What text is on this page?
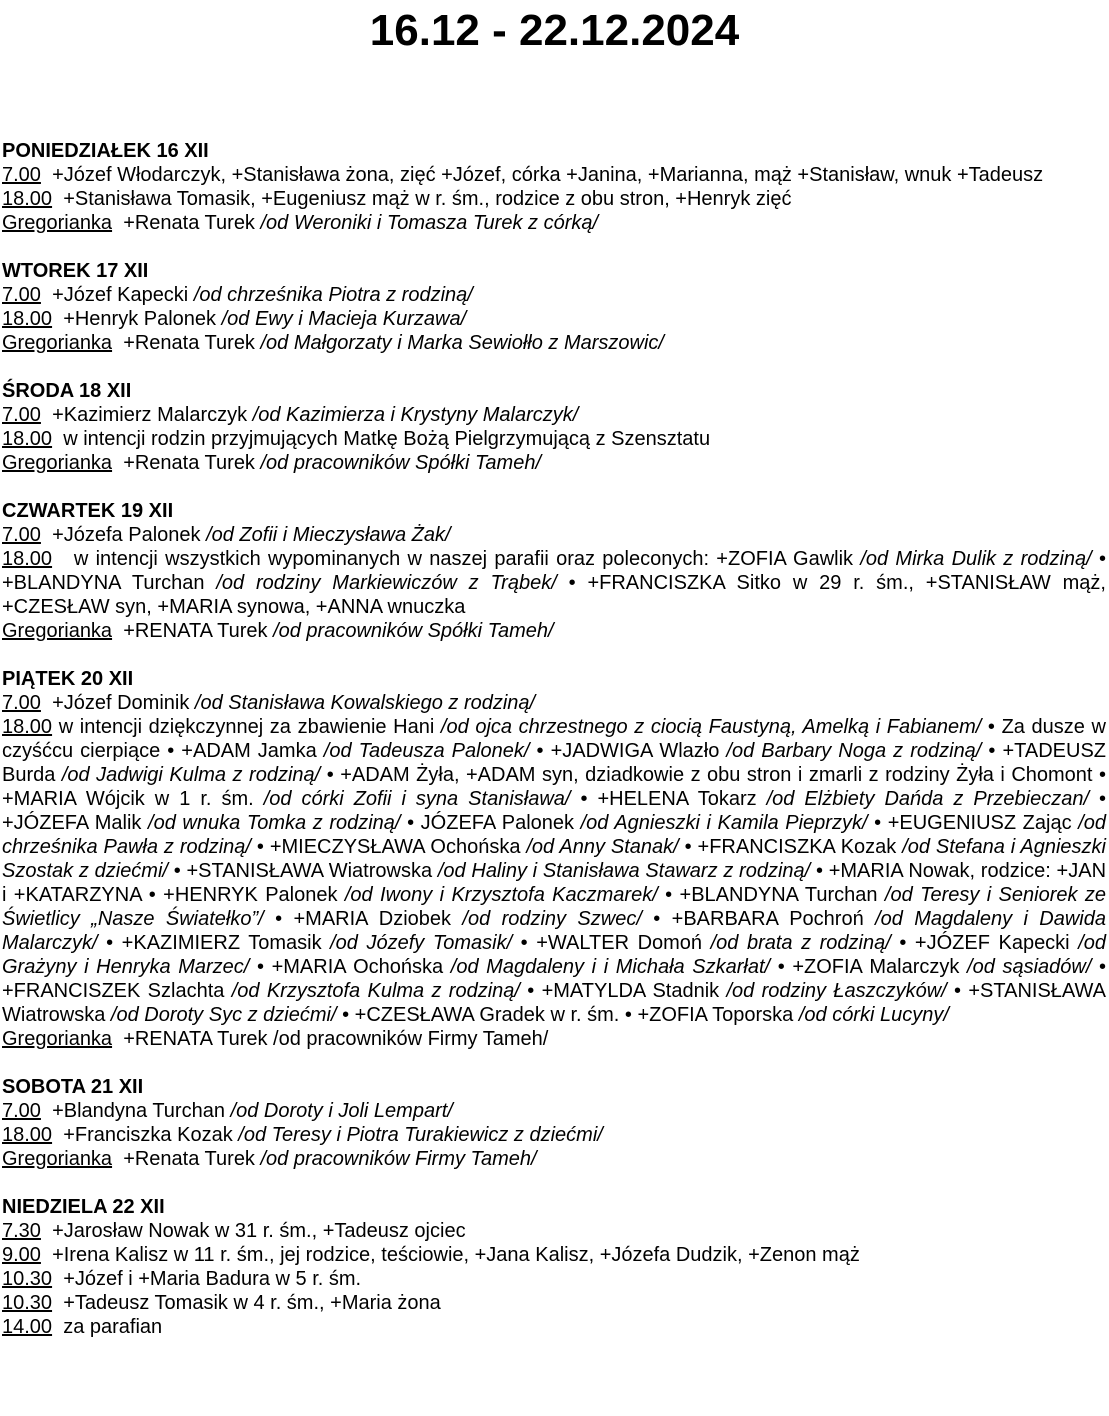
16.12 - 22.12.2024
PONIEDZIAŁEK 16 XII
7.00 +Józef Włodarczyk, +Stanisława żona, zięć +Józef, córka +Janina, +Marianna, mąż +Stanisław, wnuk +Tadeusz
18.00 +Stanisława Tomasik, +Eugeniusz mąż w r. śm., rodzice z obu stron, +Henryk zięć
Gregorianka +Renata Turek /od Weroniki i Tomasza Turek z córką/
WTOREK 17 XII
7.00 +Józef Kapecki /od chrześnika Piotra z rodziną/
18.00 +Henryk Palonek /od Ewy i Macieja Kurzawa/
Gregorianka +Renata Turek /od Małgorzaty i Marka Sewiołło z Marszowic/
ŚRODA 18 XII
7.00 +Kazimierz Malarczyk /od Kazimierza i Krystyny Malarczyk/
18.00 w intencji rodzin przyjmujących Matkę Bożą Pielgrzymującą z Szensztatu
Gregorianka +Renata Turek /od pracowników Spółki Tameh/
CZWARTEK 19 XII
7.00 +Józefa Palonek /od Zofii i Mieczysława Żak/
18.00   w intencji wszystkich wypominanych w naszej parafii oraz poleconych: +ZOFIA Gawlik /od Mirka Dulik z rodziną/ • +BLANDYNA Turchan /od rodziny Markiewiczów z Trąbek/ • +FRANCISZKA Sitko w 29 r. śm., +STANISŁAW mąż, +CZESŁAW syn, +MARIA synowa, +ANNA wnuczka
Gregorianka +RENATA Turek /od pracowników Spółki Tameh/
PIĄTEK 20 XII
7.00 +Józef Dominik /od Stanisława Kowalskiego z rodziną/
18.00 w intencji dziękczynnej za zbawienie Hani /od ojca chrzestnego z ciocią Faustyną, Amelką i Fabianem/ • Za dusze w czyśćcu cierpiące • +ADAM Jamka /od Tadeusza Palonek/ • +JADWIGA Wlazło /od Barbary Noga z rodziną/ • +TADEUSZ Burda /od Jadwigi Kulma z rodziną/ • +ADAM Żyła, +ADAM syn, dziadkowie z obu stron i zmarli z rodziny Żyła i Chomont • +MARIA Wójcik w 1 r. śm. /od córki Zofii i syna Stanisława/ • +HELENA Tokarz /od Elżbiety Dańda z Przebieczan/ • +JÓZEFA Malik /od wnuka Tomka z rodziną/ • JÓZEFA Palonek /od Agnieszki i Kamila Pieprzyk/ • +EUGENIUSZ Zając /od chrześnika Pawła z rodziną/ • +MIECZYSŁAWA Ochońska /od Anny Stanak/ • +FRANCISZKA Kozak /od Stefana i Agnieszki Szostak z dziećmi/ • +STANISŁAWA Wiatrowska /od Haliny i Stanisława Stawarz z rodziną/ • +MARIA Nowak, rodzice: +JAN i +KATARZYNA • +HENRYK Palonek /od Iwony i Krzysztofa Kaczmarek/ • +BLANDYNA Turchan /od Teresy i Seniorek ze Świetlicy „Nasze Światełko”/ • +MARIA Dziobek /od rodziny Szwec/ • +BARBARA Pochroń /od Magdaleny i Dawida Malarczyk/ • +KAZIMIERZ Tomasik /od Józefy Tomasik/ • +WALTER Domoń /od brata z rodziną/ • +JÓZEF Kapecki /od Grażyny i Henryka Marzec/ • +MARIA Ochońska /od Magdaleny i i Michała Szkarłat/ • +ZOFIA Malarczyk /od sąsiadów/ • +FRANCISZEK Szlachta /od Krzysztofa Kulma z rodziną/ • +MATYLDA Stadnik /od rodziny Łaszczyków/ • +STANISŁAWA Wiatrowska /od Doroty Syc z dziećmi/ • +CZESŁAWA Gradek w r. śm. • +ZOFIA Toporska /od córki Lucyny/
Gregorianka +RENATA Turek /od pracowników Firmy Tameh/
SOBOTA 21 XII
7.00 +Blandyna Turchan /od Doroty i Joli Lempart/
18.00 +Franciszka Kozak /od Teresy i Piotra Turakiewicz z dziećmi/
Gregorianka +Renata Turek /od pracowników Firmy Tameh/
NIEDZIELA 22 XII
7.30 +Jarosław Nowak w 31 r. śm., +Tadeusz ojciec
9.00 +Irena Kalisz w 11 r. śm., jej rodzice, teściowie, +Jana Kalisz, +Józefa Dudzik, +Zenon mąż
10.30 +Józef i +Maria Badura w 5 r. śm.
10.30 +Tadeusz Tomasik w 4 r. śm., +Maria żona
14.00 za parafian
